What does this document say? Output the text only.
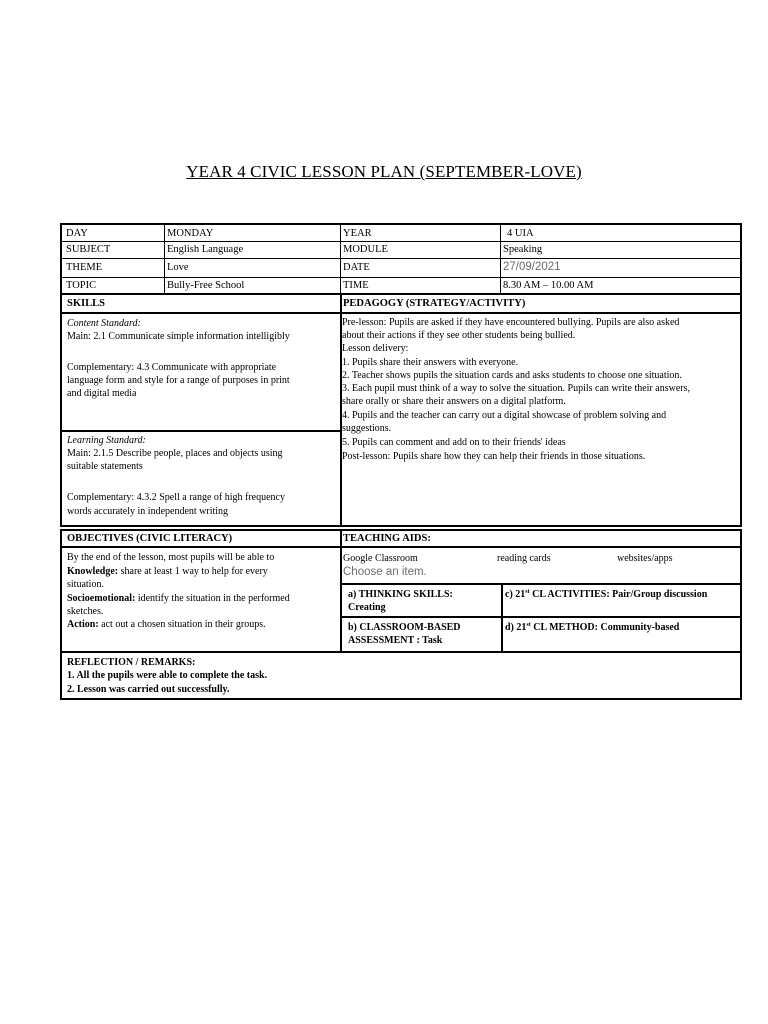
YEAR 4 CIVIC LESSON PLAN (SEPTEMBER-LOVE)
DAY	MONDAY	YEAR	4 UIA
SUBJECT	English Language	MODULE	Speaking
THEME	Love	DATE	27/09/2021
TOPIC	Bully-Free School	TIME	8.30 AM – 10.00 AM
SKILLS	PEDAGOGY (STRATEGY/ACTIVITY)
Content Standard:
Main: 2.1 Communicate simple information intelligibly
Complementary: 4.3 Communicate with appropriate
language form and style for a range of purposes in print
and digital media
Learning Standard:
Main: 2.1.5 Describe people, places and objects using
suitable statements
Complementary: 4.3.2 Spell a range of high frequency
words accurately in independent writing
Pre-lesson: Pupils are asked if they have encountered bullying. Pupils are also asked
about their actions if they see other students being bullied.
Lesson delivery:
1. Pupils share their answers with everyone.
2. Teacher shows pupils the situation cards and asks students to choose one situation.
3. Each pupil must think of a way to solve the situation. Pupils can write their answers,
share orally or share their answers on a digital platform.
4. Pupils and the teacher can carry out a digital showcase of problem solving and
suggestions.
5. Pupils can comment and add on to their friends' ideas
Post-lesson: Pupils share how they can help their friends in those situations.
OBJECTIVES (CIVIC LITERACY)	TEACHING AIDS:
By the end of the lesson, most pupils will be able to
Knowledge: share at least 1 way to help for every
situation.
Socioemotional: identify the situation in the performed
sketches.
Action: act out a chosen situation in their groups.
Google Classroom	reading cards	websites/apps
Choose an item.
a) THINKING SKILLS:
Creating
c) 21st CL ACTIVITIES: Pair/Group discussion
b) CLASSROOM-BASED
ASSESSMENT : Task
d) 21st CL METHOD: Community-based
REFLECTION / REMARKS:
1. All the pupils were able to complete the task.
2. Lesson was carried out successfully.
